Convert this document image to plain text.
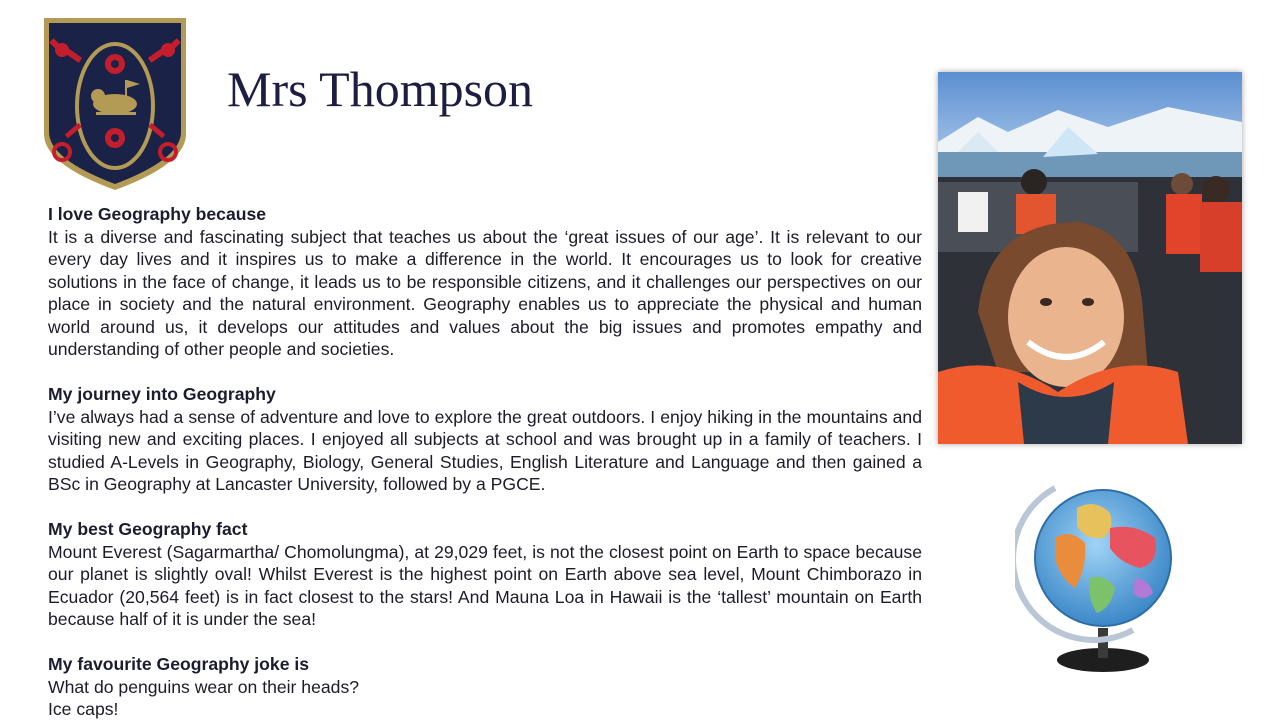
Mrs Thompson
I love Geography because
It is a diverse and fascinating subject that teaches us about the ‘great issues of our age’. It is relevant to our every day lives and it inspires us to make a difference in the world. It encourages us to look for creative solutions in the face of change, it leads us to be responsible citizens, and it challenges our perspectives on our place in society and the natural environment. Geography enables us to appreciate the physical and human world around us, it develops our attitudes and values about the big issues and promotes empathy and understanding of other people and societies.
My journey into Geography
I’ve always had a sense of adventure and love to explore the great outdoors. I enjoy hiking in the mountains and visiting new and exciting places. I enjoyed all subjects at school and was brought up in a family of teachers. I studied A-Levels in Geography, Biology, General Studies, English Literature and Language and then gained a BSc in Geography at Lancaster University, followed by a PGCE.
My best Geography fact
Mount Everest (Sagarmartha/ Chomolungma), at 29,029 feet, is not the closest point on Earth to space because our planet is slightly oval! Whilst Everest is the highest point on Earth above sea level, Mount Chimborazo in Ecuador (20,564 feet) is in fact closest to the stars! And Mauna Loa in Hawaii is the ‘tallest’ mountain on Earth because half of it is under the sea!
My favourite Geography joke is
What do penguins wear on their heads?
Ice caps!
